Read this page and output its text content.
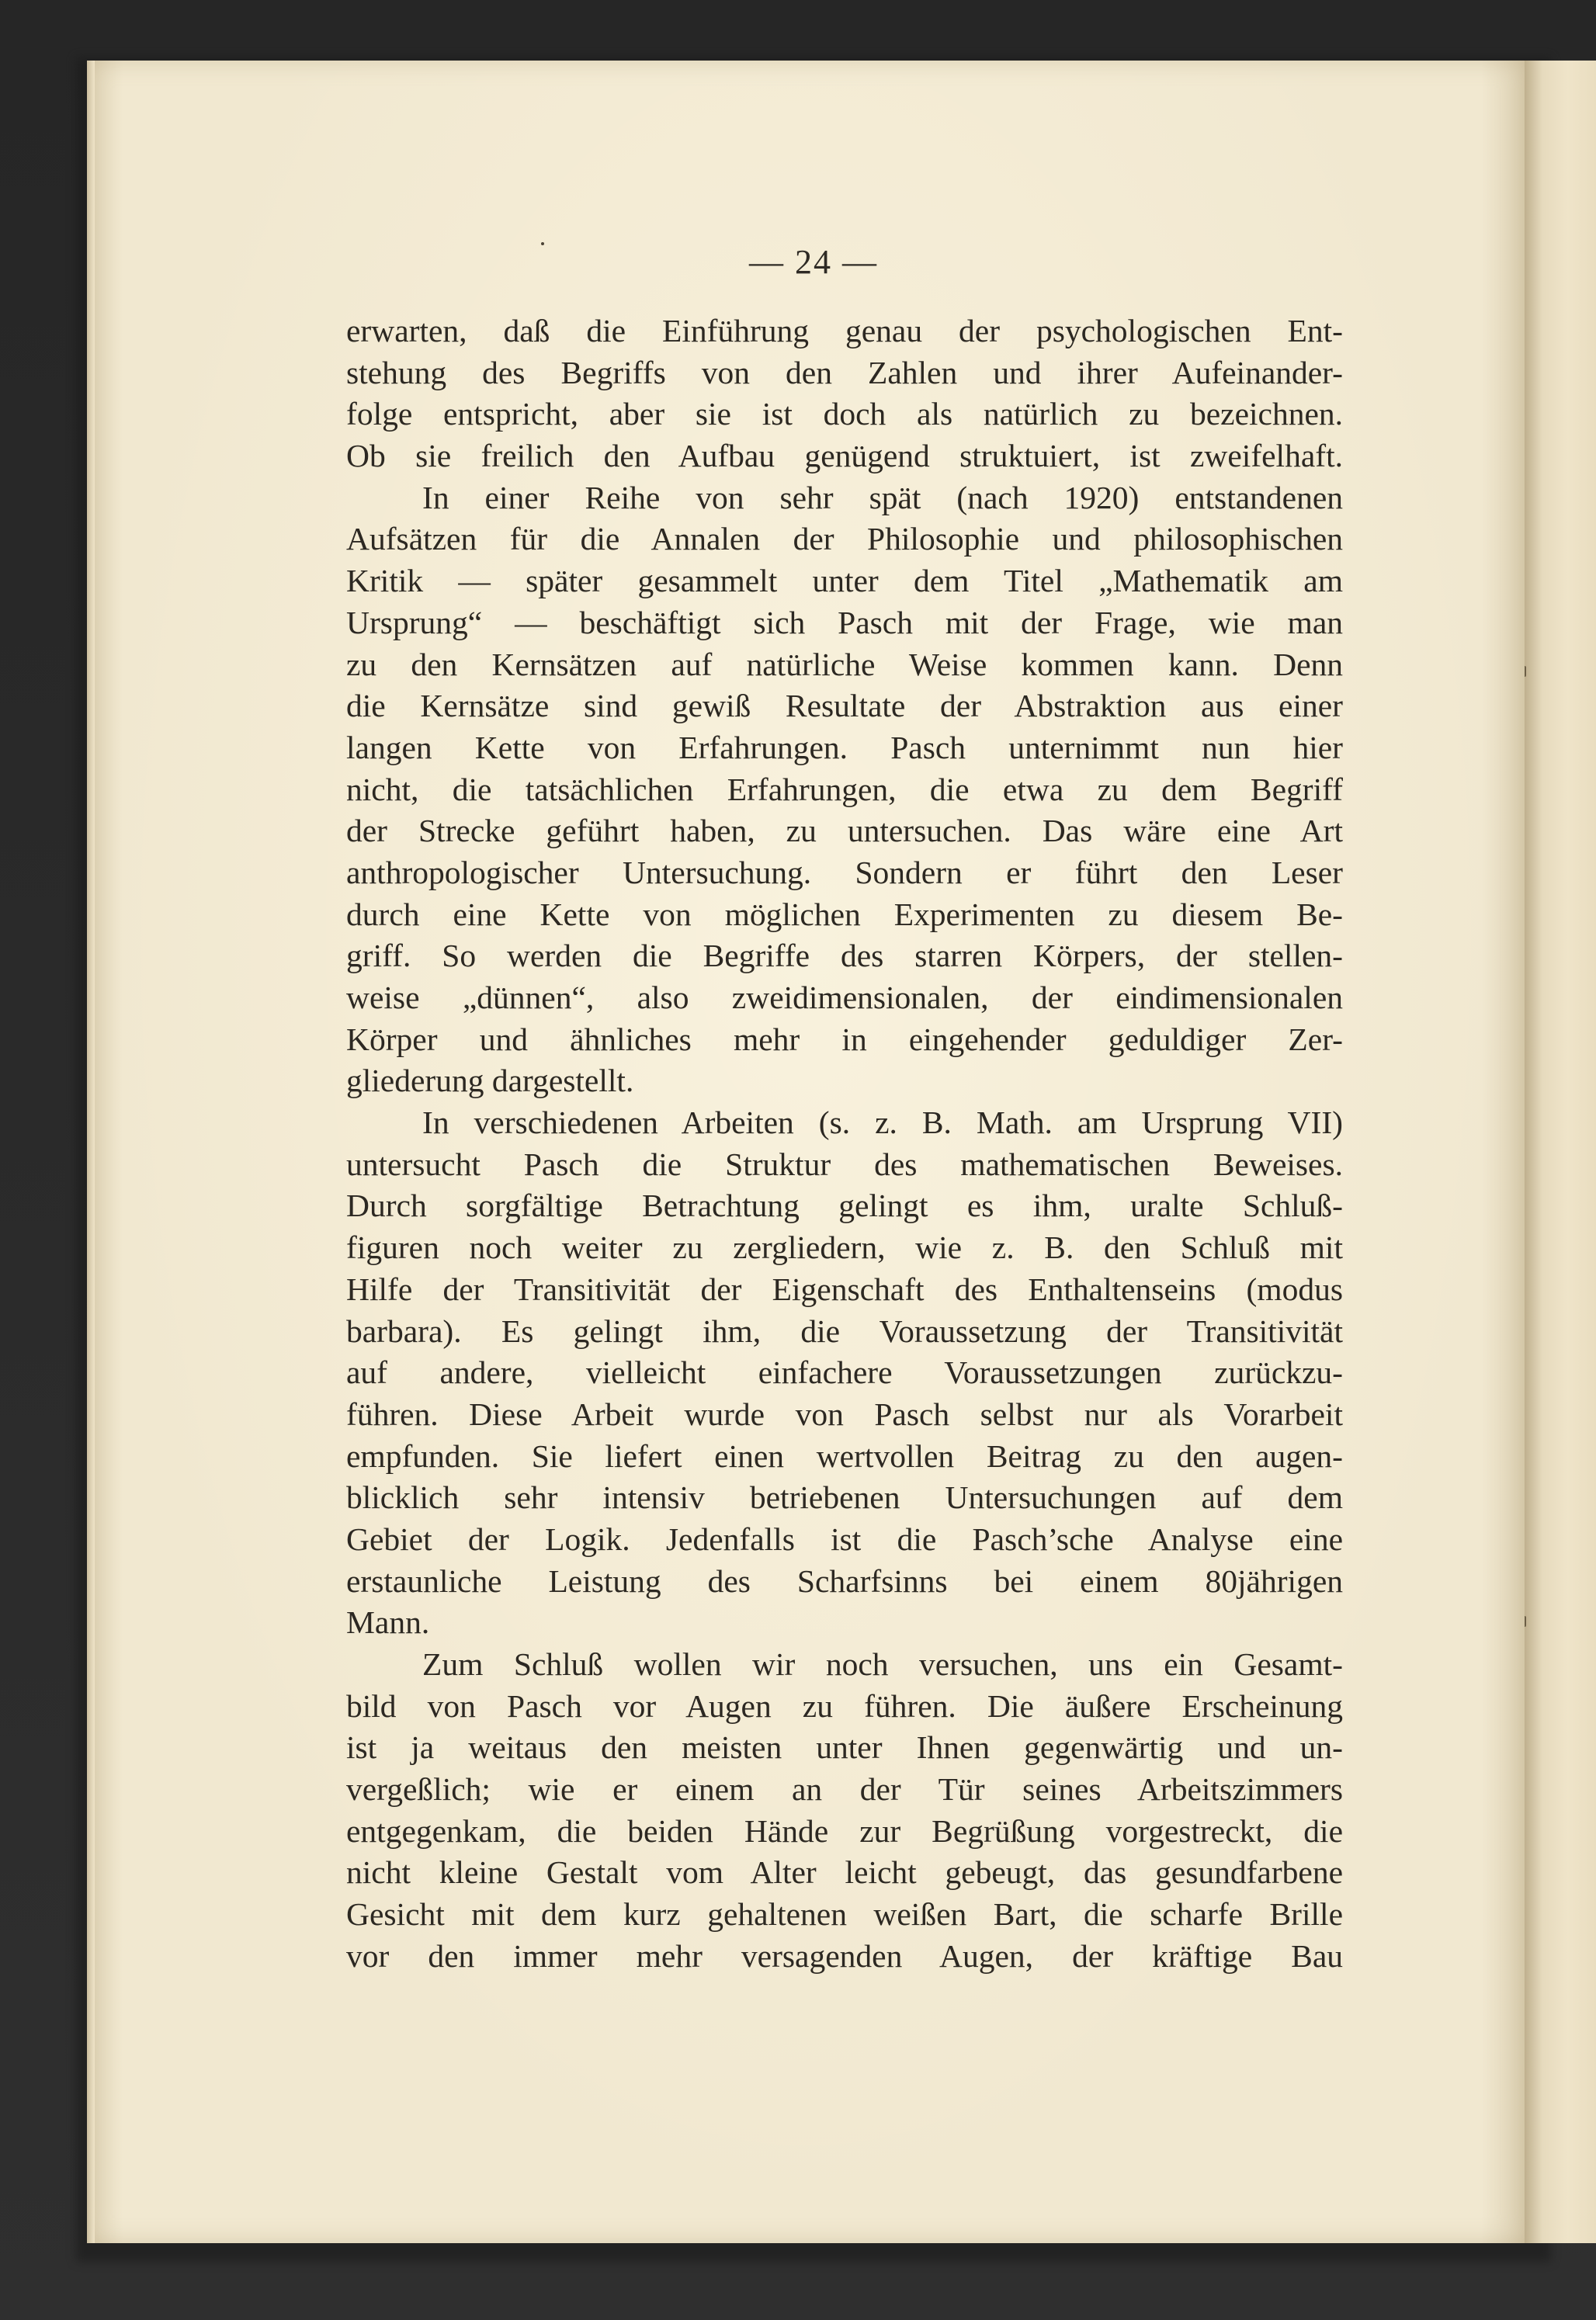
— 24 —
erwarten, daß die Einführung genau der psychologischen Ent-
stehung des Begriffs von den Zahlen und ihrer Aufeinander-
folge entspricht, aber sie ist doch als natürlich zu bezeichnen.
Ob sie freilich den Aufbau genügend struktuiert, ist zweifelhaft.
In einer Reihe von sehr spät (nach 1920) entstandenen
Aufsätzen für die Annalen der Philosophie und philosophischen
Kritik — später gesammelt unter dem Titel „Mathematik am
Ursprung“ — beschäftigt sich Pasch mit der Frage, wie man
zu den Kernsätzen auf natürliche Weise kommen kann. Denn
die Kernsätze sind gewiß Resultate der Abstraktion aus einer
langen Kette von Erfahrungen. Pasch unternimmt nun hier
nicht, die tatsächlichen Erfahrungen, die etwa zu dem Begriff
der Strecke geführt haben, zu untersuchen. Das wäre eine Art
anthropologischer Untersuchung. Sondern er führt den Leser
durch eine Kette von möglichen Experimenten zu diesem Be-
griff. So werden die Begriffe des starren Körpers, der stellen-
weise „dünnen“, also zweidimensionalen, der eindimensionalen
Körper und ähnliches mehr in eingehender geduldiger Zer-
gliederung dargestellt.
In verschiedenen Arbeiten (s. z. B. Math. am Ursprung VII)
untersucht Pasch die Struktur des mathematischen Beweises.
Durch sorgfältige Betrachtung gelingt es ihm, uralte Schluß-
figuren noch weiter zu zergliedern, wie z. B. den Schluß mit
Hilfe der Transitivität der Eigenschaft des Enthaltenseins (modus
barbara). Es gelingt ihm, die Voraussetzung der Transitivität
auf andere, vielleicht einfachere Voraussetzungen zurückzu-
führen. Diese Arbeit wurde von Pasch selbst nur als Vorarbeit
empfunden. Sie liefert einen wertvollen Beitrag zu den augen-
blicklich sehr intensiv betriebenen Untersuchungen auf dem
Gebiet der Logik. Jedenfalls ist die Pasch’sche Analyse eine
erstaunliche Leistung des Scharfsinns bei einem 80jährigen
Mann.
Zum Schluß wollen wir noch versuchen, uns ein Gesamt-
bild von Pasch vor Augen zu führen. Die äußere Erscheinung
ist ja weitaus den meisten unter Ihnen gegenwärtig und un-
vergeßlich; wie er einem an der Tür seines Arbeitszimmers
entgegenkam, die beiden Hände zur Begrüßung vorgestreckt, die
nicht kleine Gestalt vom Alter leicht gebeugt, das gesundfarbene
Gesicht mit dem kurz gehaltenen weißen Bart, die scharfe Brille
vor den immer mehr versagenden Augen, der kräftige Bau
